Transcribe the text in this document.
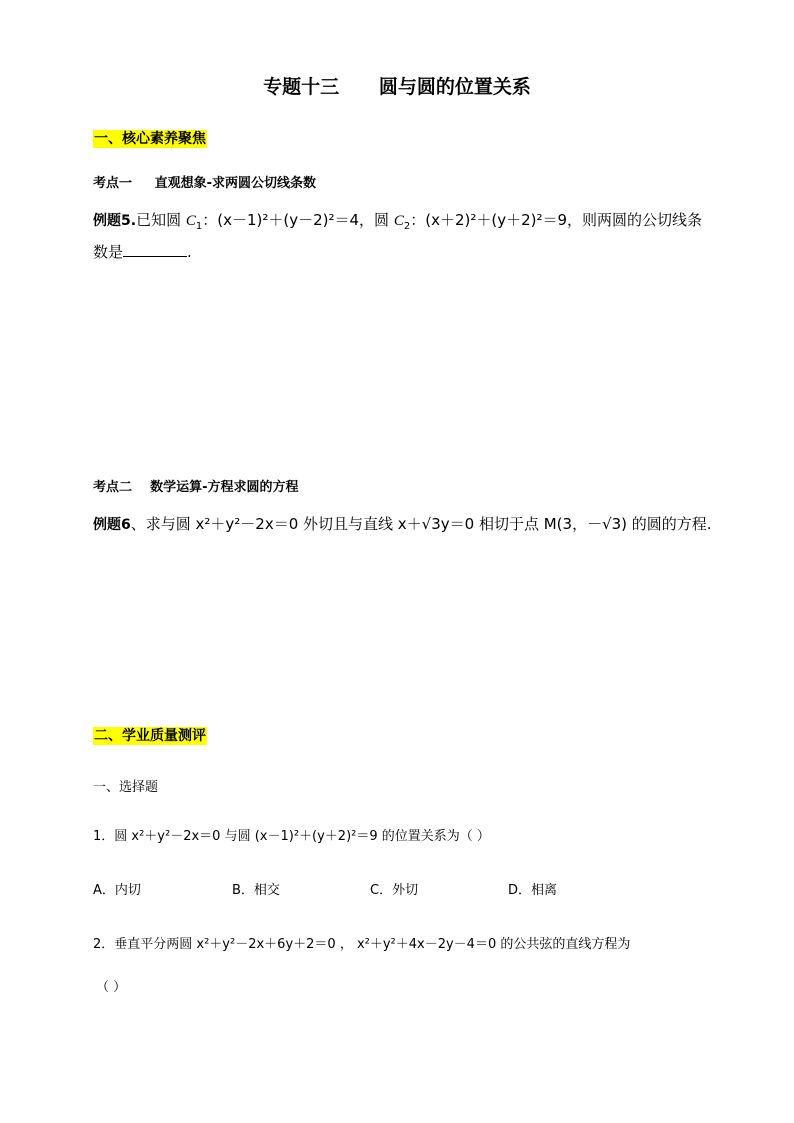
专题十三      圆与圆的位置关系
一、核心素养聚焦
考点一     直观想象-求两圆公切线条数
例题5.已知圆 $C_1$：(x－1)²＋(y－2)²＝4，圆 $C_2$：(x＋2)²＋(y＋2)²＝9，则两圆的公切线条
数是	.
考点二    数学运算-方程求圆的方程
例题6、求与圆 x²＋y²－2x＝0 外切且与直线 x＋√3y＝0 相切于点 M(3，－√3) 的圆的方程.
二、学业质量测评
一、选择题
1．圆 x²＋y²－2x＝0 与圆 (x－1)²＋(y＋2)²＝9 的位置关系为（ ）
A．内切	B．相交	C．外切	D．相离
2．垂直平分两圆 x²＋y²－2x＋6y＋2＝0 ， x²＋y²＋4x－2y－4＝0 的公共弦的直线方程为
（ ）
